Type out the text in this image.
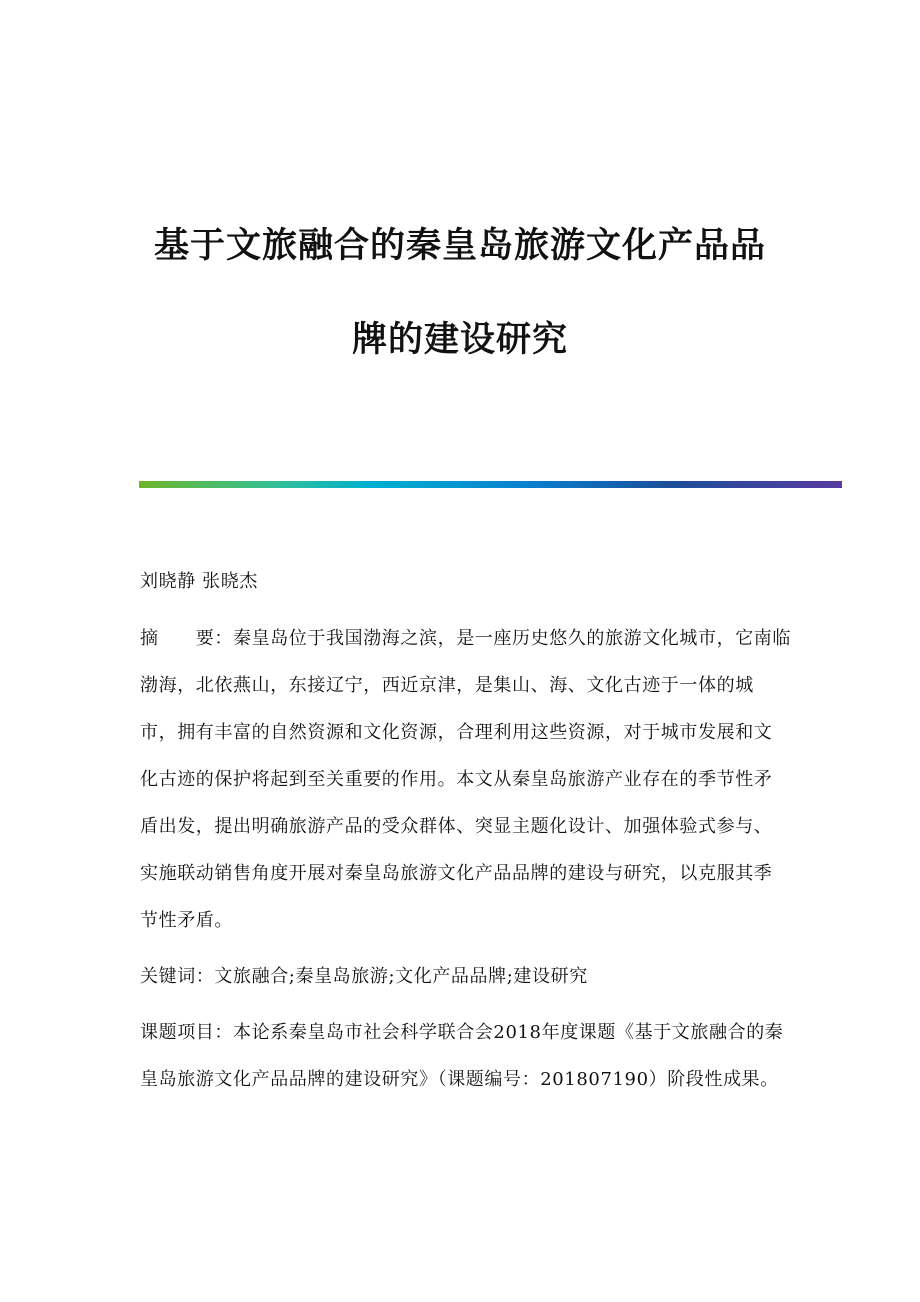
基于文旅融合的秦皇岛旅游文化产品品
牌的建设研究
刘晓静 张晓杰
摘　　要：秦皇岛位于我国渤海之滨，是一座历史悠久的旅游文化城市，它南临
渤海，北依燕山，东接辽宁，西近京津，是集山、海、文化古迹于一体的城
市，拥有丰富的自然资源和文化资源，合理利用这些资源，对于城市发展和文
化古迹的保护将起到至关重要的作用。本文从秦皇岛旅游产业存在的季节性矛
盾出发，提出明确旅游产品的受众群体、突显主题化设计、加强体验式参与、
实施联动销售角度开展对秦皇岛旅游文化产品品牌的建设与研究，以克服其季
节性矛盾。
关键词：文旅融合;秦皇岛旅游;文化产品品牌;建设研究
课题项目：本论系秦皇岛市社会科学联合会2018年度课题《基于文旅融合的秦
皇岛旅游文化产品品牌的建设研究》（课题编号：201807190）阶段性成果。
